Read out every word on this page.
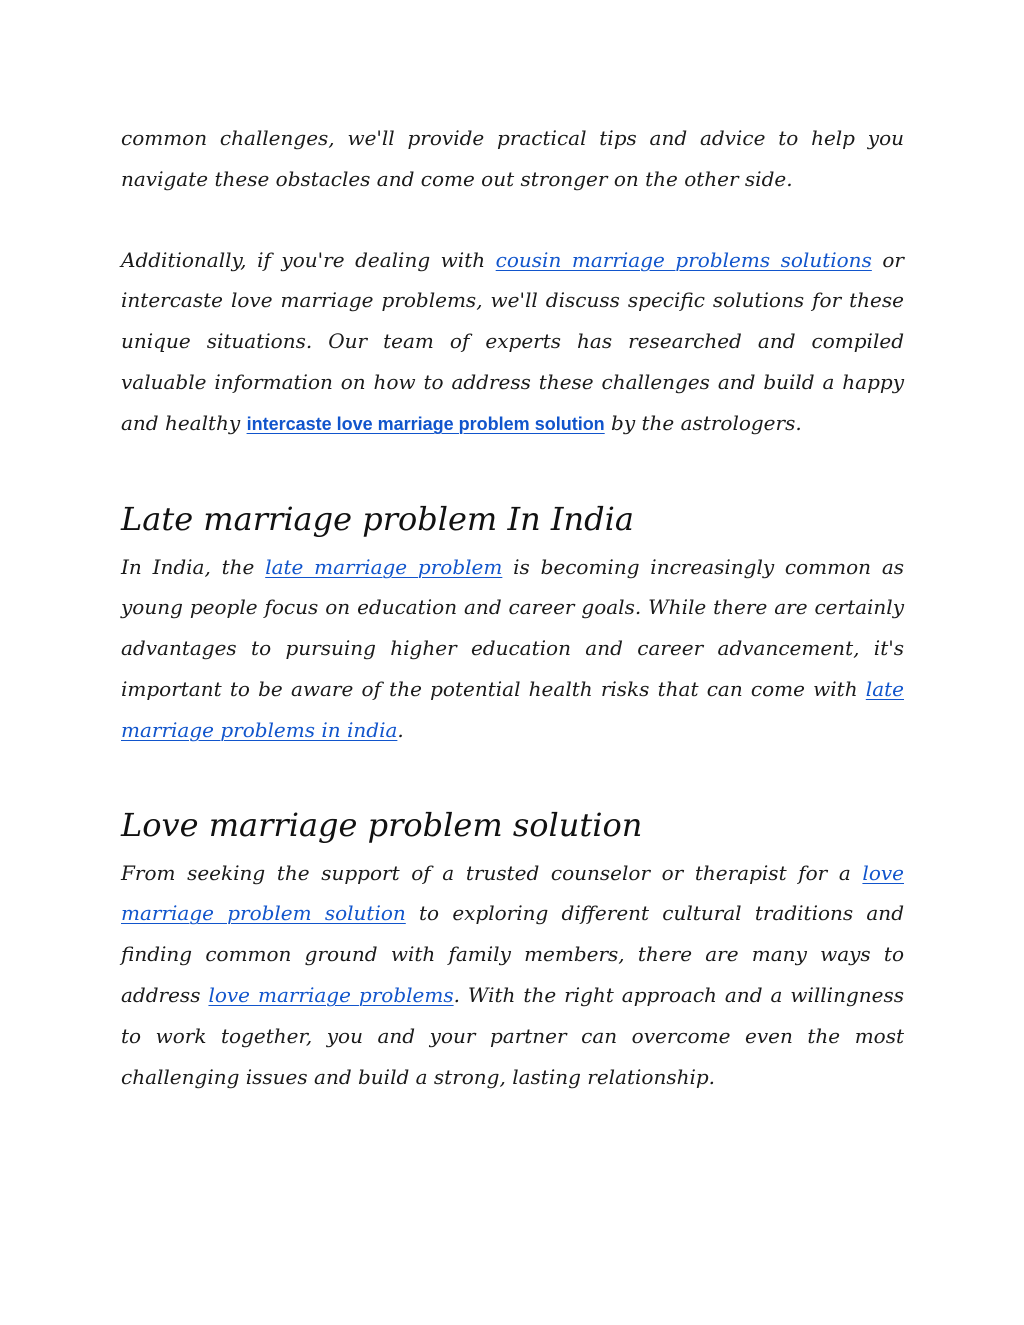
common challenges, we'll provide practical tips and advice to help you navigate these obstacles and come out stronger on the other side.

Additionally, if you're dealing with cousin marriage problems solutions or intercaste love marriage problems, we'll discuss specific solutions for these unique situations. Our team of experts has researched and compiled valuable information on how to address these challenges and build a happy and healthy intercaste love marriage problem solution by the astrologers.

Late marriage problem In India

In India, the late marriage problem is becoming increasingly common as young people focus on education and career goals. While there are certainly advantages to pursuing higher education and career advancement, it's important to be aware of the potential health risks that can come with late marriage problems in india.

Love marriage problem solution

From seeking the support of a trusted counselor or therapist for a love marriage problem solution to exploring different cultural traditions and finding common ground with family members, there are many ways to address love marriage problems. With the right approach and a willingness to work together, you and your partner can overcome even the most challenging issues and build a strong, lasting relationship.
